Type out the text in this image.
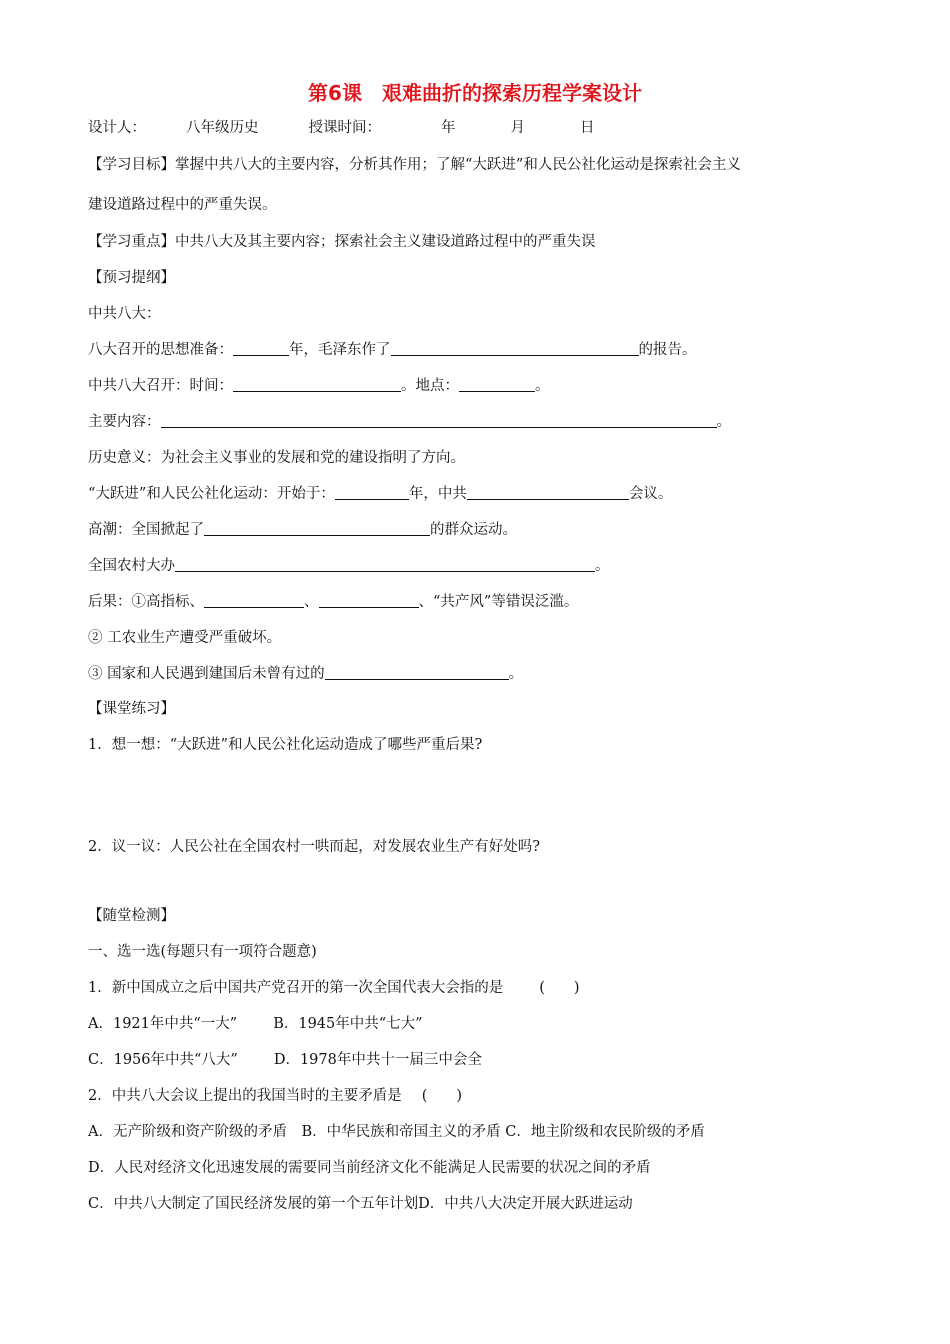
第6课　艰难曲折的探索历程学案设计
设计人：	八年级历史	授课时间：	年	月	日
【学习目标】掌握中共八大的主要内容，分析其作用；了解“大跃进”和人民公社化运动是探索社会主义
建设道路过程中的严重失误。
【学习重点】中共八大及其主要内容；探索社会主义建设道路过程中的严重失误
【预习提纲】
中共八大：
八大召开的思想准备：	年，毛泽东作了	的报告。
中共八大召开：时间：	。地点：	。
主要内容：	。
历史意义：为社会主义事业的发展和党的建设指明了方向。
“大跃进”和人民公社化运动：开始于：	年，中共	会议。
高潮：全国掀起了	的群众运动。
全国农村大办	。
后果：①高指标、	、	、“共产风”等错误泛滥。
② 工农业生产遭受严重破坏。
③ 国家和人民遇到建国后未曾有过的	。
【课堂练习】
1．想一想：“大跃进”和人民公社化运动造成了哪些严重后果?
2．议一议：人民公社在全国农村一哄而起，对发展农业生产有好处吗?
【随堂检测】
一、选一选(每题只有一项符合题意)
1．新中国成立之后中国共产党召开的第一次全国代表大会指的是 (　　)
A．1921年中共“一大” B．1945年中共“七大”
C．1956年中共“八大” D．1978年中共十一届三中会全
2．中共八大会议上提出的我国当时的主要矛盾是 (　　)
A．无产阶级和资产阶级的矛盾　B．中华民族和帝国主义的矛盾 C．地主阶级和农民阶级的矛盾
D．人民对经济文化迅速发展的需要同当前经济文化不能满足人民需要的状况之间的矛盾
C．中共八大制定了国民经济发展的第一个五年计划D．中共八大决定开展大跃进运动
